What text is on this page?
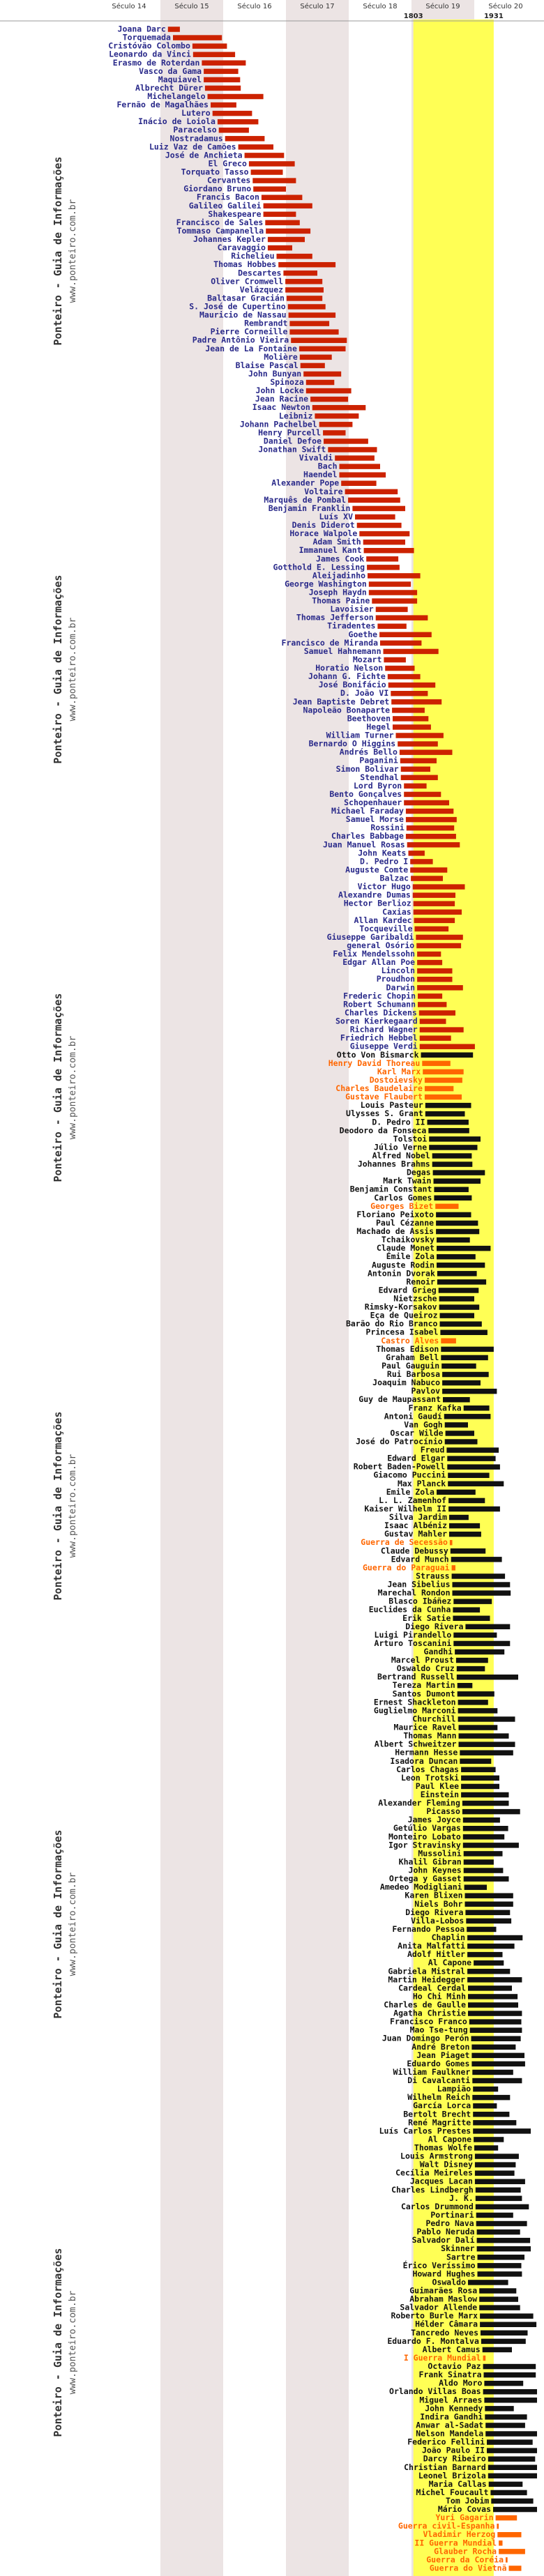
Século 14	Século 15	Século 16	Século 17	Século 18	Século 19	Século 20
1803	1931
Ponteiro - Guia de Informações www.ponteiro.com.br
Ponteiro - Guia de Informações www.ponteiro.com.br
Ponteiro - Guia de Informações www.ponteiro.com.br
Ponteiro - Guia de Informações www.ponteiro.com.br
Ponteiro - Guia de Informações www.ponteiro.com.br
Ponteiro - Guia de Informações www.ponteiro.com.br
Joana Darc
Torquemada
Cristóvão Colombo
Leonardo da Vinci
Erasmo de Roterdan
Vasco da Gama
Maquiavel
Albrecht Dürer
Michelangelo
Fernão de Magalhães
Lutero
Inácio de Loiola
Paracelso
Nostradamus
Luiz Vaz de Camões
José de Anchieta
El Greco
Torquato Tasso
Cervantes
Giordano Bruno
Francis Bacon
Galileo Galilei
Shakespeare
Francisco de Sales
Tommaso Campanella
Johannes Kepler
Caravaggio
Richelieu
Thomas Hobbes
Descartes
Oliver Cromwell
Velázquez
Baltasar Gracián
S. José de Cupertino
Mauricio de Nassau
Rembrandt
Pierre Corneille
Padre Antônio Vieira
Jean de La Fontaine
Molière
Blaise Pascal
John Bunyan
Spinoza
John Locke
Jean Racine
Isaac Newton
Leibniz
Johann Pachelbel
Henry Purcell
Daniel Defoe
Jonathan Swift
Vivaldi
Bach
Haendel
Alexander Pope
Voltaire
Marquês de Pombal
Benjamin Franklin
Luís XV
Denis Diderot
Horace Walpole
Adam Smith
Immanuel Kant
James Cook
Gotthold E. Lessing
Aleijadinho
George Washington
Joseph Haydn
Thomas Paine
Lavoisier
Thomas Jefferson
Tiradentes
Goethe
Francisco de Miranda
Samuel Hahnemann
Mozart
Horatio Nelson
Johann G. Fichte
José Bonifácio
D. João VI
Jean Baptiste Debret
Napoleão Bonaparte
Beethoven
Hegel
William Turner
Bernardo O Higgins
Andrés Bello
Paganini
Simon Bolivar
Stendhal
Lord Byron
Bento Gonçalves
Schopenhauer
Michael Faraday
Samuel Morse
Rossini
Charles Babbage
Juan Manuel Rosas
John Keats
D. Pedro I
Auguste Comte
Balzac
Victor Hugo
Alexandre Dumas
Hector Berlioz
Caxias
Allan Kardec
Tocqueville
Giuseppe Garibaldi
general Osório
Felix Mendelssohn
Edgar Allan Poe
Lincoln
Proudhon
Darwin
Frederic Chopin
Robert Schumann
Charles Dickens
Soren Kierkegaard
Richard Wagner
Friedrich Hebbel
Giuseppe Verdi
Otto Von Bismarck
Henry David Thoreau
Karl Marx
Dostoievsky
Charles Baudelaire
Gustave Flaubert
Louis Pasteur
Ulysses S. Grant
D. Pedro II
Deodoro da Fonseca
Tolstoi
Júlio Verne
Alfred Nobel
Johannes Brahms
Degas
Mark Twain
Benjamin Constant
Carlos Gomes
Georges Bizet
Floriano Peixoto
Paul Cézanne
Machado de Assis
Tchaikovsky
Claude Monet
Émile Zola
Auguste Rodin
Antonin Dvorak
Renoir
Edvard Grieg
Nietzsche
Rimsky-Korsakov
Eça de Queiroz
Barão do Rio Branco
Princesa Isabel
Castro Alves
Thomas Edison
Graham Bell
Paul Gauguin
Rui Barbosa
Joaquim Nabuco
Pavlov
Guy de Maupassant
Franz Kafka
Antoni Gaudí
Van Gogh
Oscar Wilde
José do Patrocínio
Freud
Edward Elgar
Robert Baden-Powell
Giacomo Puccini
Max Planck
Emile Zola
L. L. Zamenhof
Kaiser Wilhelm II
Silva Jardim
Isaac Albéniz
Gustav Mahler
Guerra de Secessão
Claude Debussy
Edvard Munch
Guerra do Paraguai
Strauss
Jean Sibelius
Marechal Rondon
Blasco Ibáñez
Euclides da Cunha
Erik Satie
Diego Rivera
Luigi Pirandello
Arturo Toscanini
Gandhi
Marcel Proust
Oswaldo Cruz
Bertrand Russell
Tereza Martin
Santos Dumont
Ernest Shackleton
Guglielmo Marconi
Churchill
Maurice Ravel
Thomas Mann
Albert Schweitzer
Hermann Hesse
Isadora Duncan
Carlos Chagas
Leon Trotski
Paul Klee
Einstein
Alexander Fleming
Picasso
James Joyce
Getúlio Vargas
Monteiro Lobato
Igor Stravinsky
Mussolini
Khalil Gibran
John Keynes
Ortega y Gasset
Amedeo Modigliani
Karen Blixen
Niels Bohr
Diego Rivera
Villa-Lobos
Fernando Pessoa
Chaplin
Anita Malfatti
Adolf Hitler
Al Capone
Gabriela Mistral
Martin Heidegger
Cardeal Cerdal
Ho Chi Minh
Charles de Gaulle
Agatha Christie
Francisco Franco
Mao Tse-tung
Juan Domingo Perón
André Breton
Jean Piaget
Eduardo Gomes
William Faulkner
Di Cavalcanti
Lampião
Wilhelm Reich
García Lorca
Bertolt Brecht
René Magritte
Luís Carlos Prestes
Al Capone
Thomas Wolfe
Louis Armstrong
Walt Disney
Cecília Meireles
Jacques Lacan
Charles Lindbergh
J. K.
Carlos Drummond
Portinari
Pedro Nava
Pablo Neruda
Salvador Dalí
Skinner
Sartre
Érico Veríssimo
Howard Hughes
Oswaldo
Guimarães Rosa
Abraham Maslow
Salvador Allende
Roberto Burle Marx
Hélder Câmara
Tancredo Neves
Eduardo F. Montalva
Albert Camus
I Guerra Mundial
Octavio Paz
Frank Sinatra
Aldo Moro
Orlando Villas Boas
Miguel Arraes
John Kennedy
Indira Gandhi
Anwar al-Sadat
Nelson Mandela
Federico Fellini
João Paulo II
Darcy Ribeiro
Christian Barnard
Leonel Brizola
Maria Callas
Michel Foucault
Tom Jobim
Mário Covas
Yuri Gagarin
Guerra civil-Espanha
Vladimir Herzog
II Guerra Mundial
Glauber Rocha
Guerra da Coréia
Guerra do Vietnã
